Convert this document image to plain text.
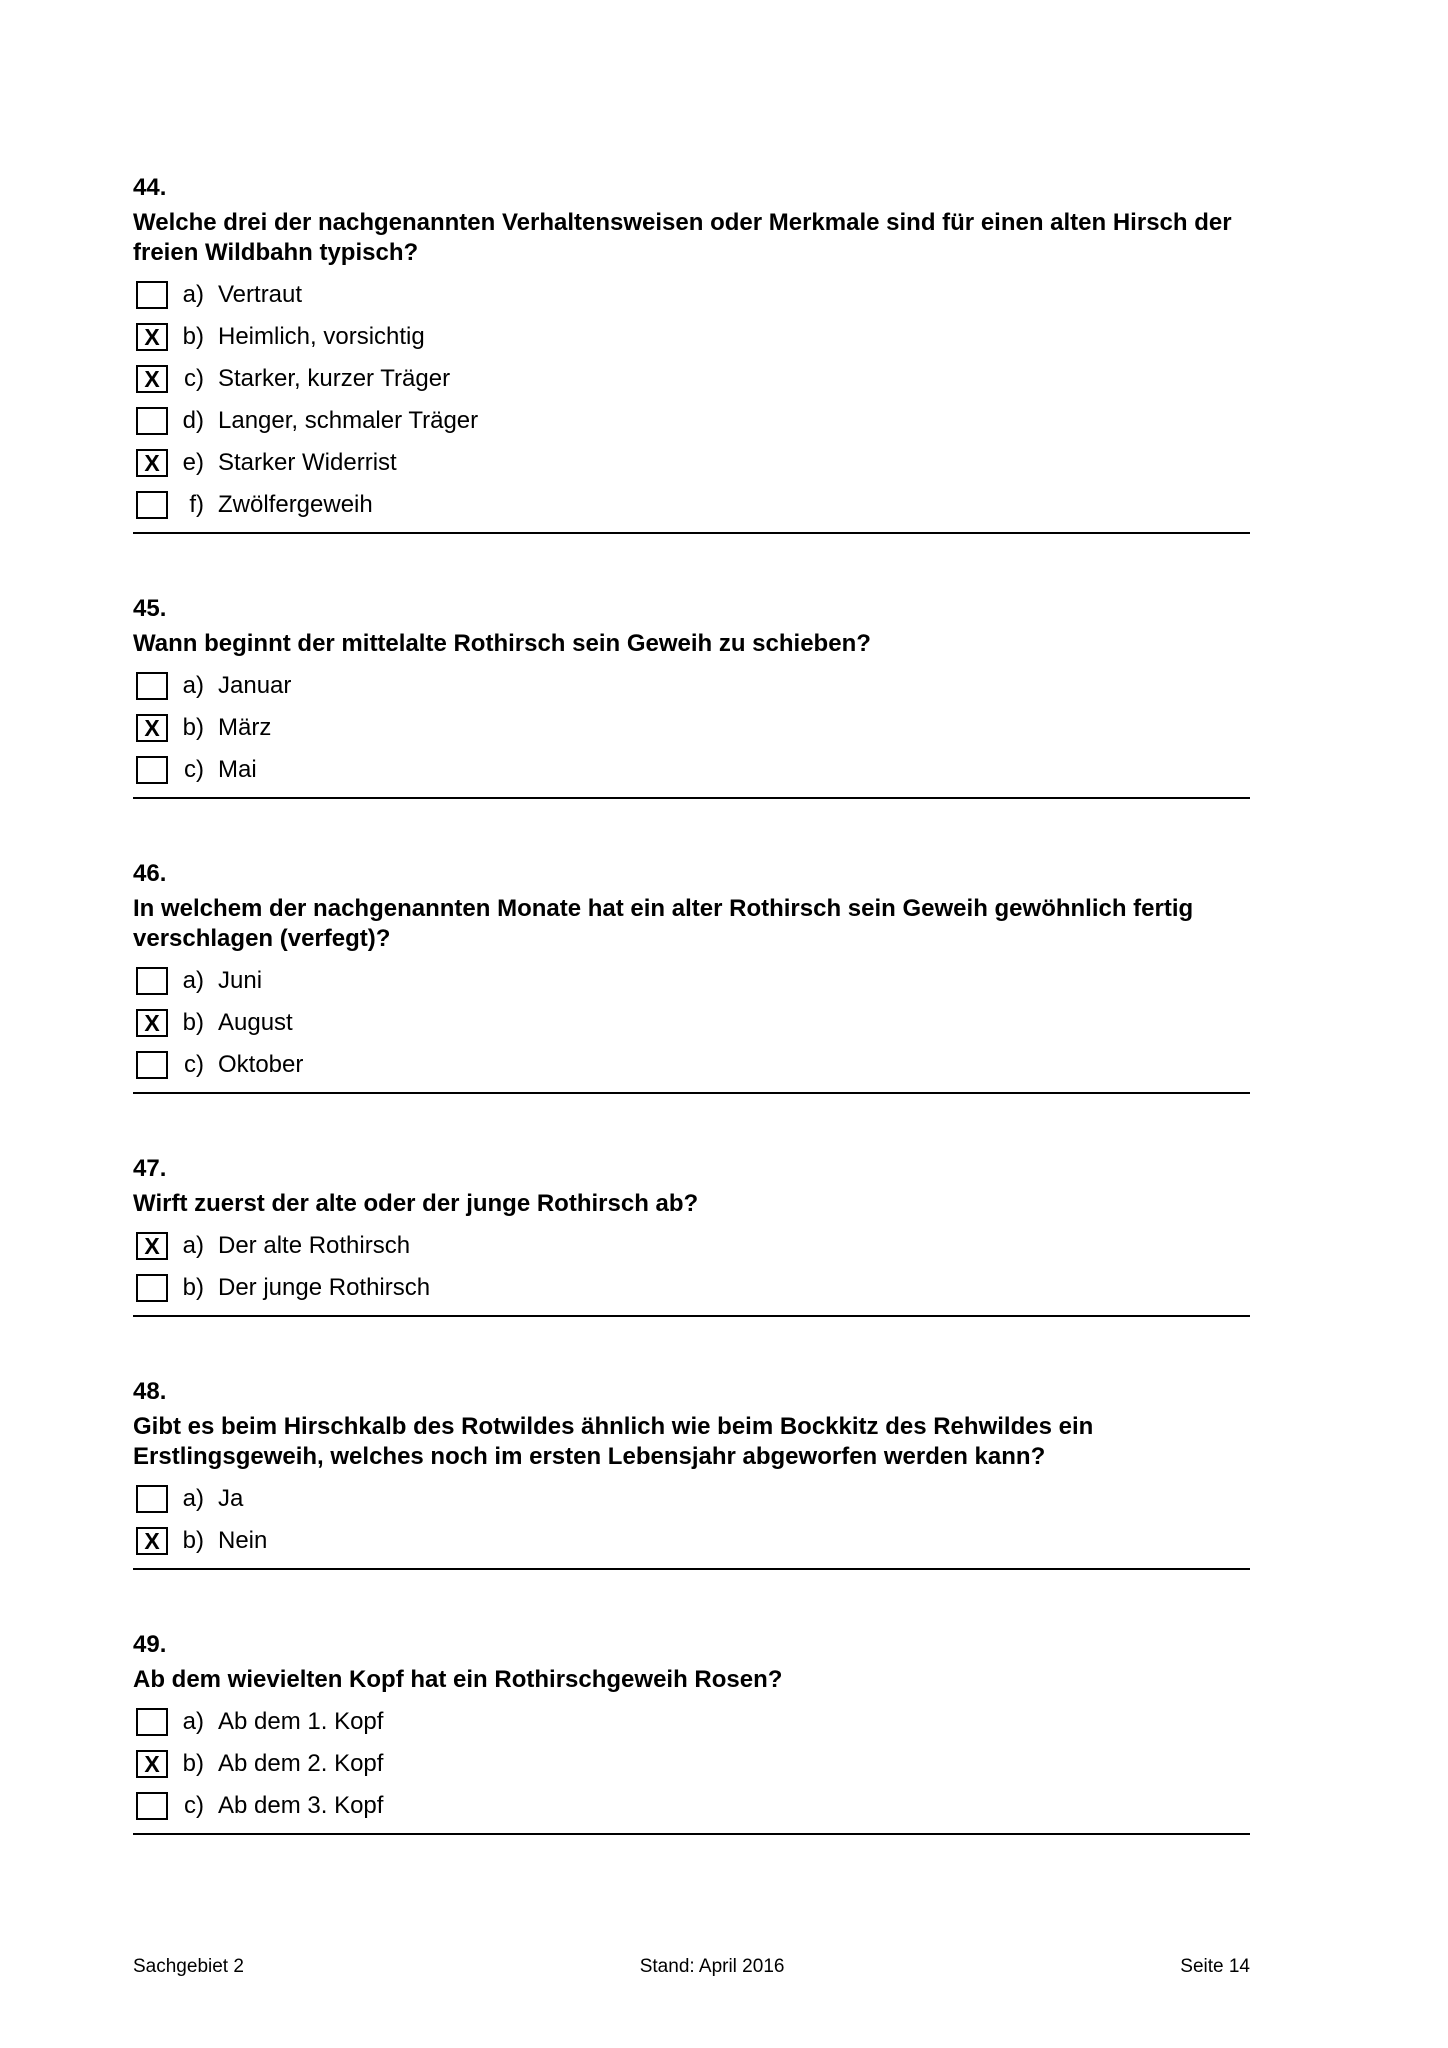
44.
Welche drei der nachgenannten Verhaltensweisen oder Merkmale sind für einen alten Hirsch der freien Wildbahn typisch?
a) Vertraut
X b) Heimlich, vorsichtig
X	c) Starker, kurzer Träger
d) Langer, schmaler Träger
X e) Starker Widerrist
f) Zwölfergeweih
45.
Wann beginnt der mittelalte Rothirsch sein Geweih zu schieben?
a) Januar
X b) März
c) Mai
46.
In welchem der nachgenannten Monate hat ein alter Rothirsch sein Geweih gewöhnlich fertig verschlagen (verfegt)?
a) Juni
X b) August
c) Oktober
47.
Wirft zuerst der alte oder der junge Rothirsch ab?
X a) Der alte Rothirsch
b) Der junge Rothirsch
48.
Gibt es beim Hirschkalb des Rotwildes ähnlich wie beim Bockkitz des Rehwildes ein Erstlingsgeweih, welches noch im ersten Lebensjahr abgeworfen werden kann?
a) Ja
X b) Nein
49.
Ab dem wievielten Kopf hat ein Rothirschgeweih Rosen?
a) Ab dem 1. Kopf
X b) Ab dem 2. Kopf
c) Ab dem 3. Kopf
Sachgebiet 2	Stand: April 2016	Seite 14
